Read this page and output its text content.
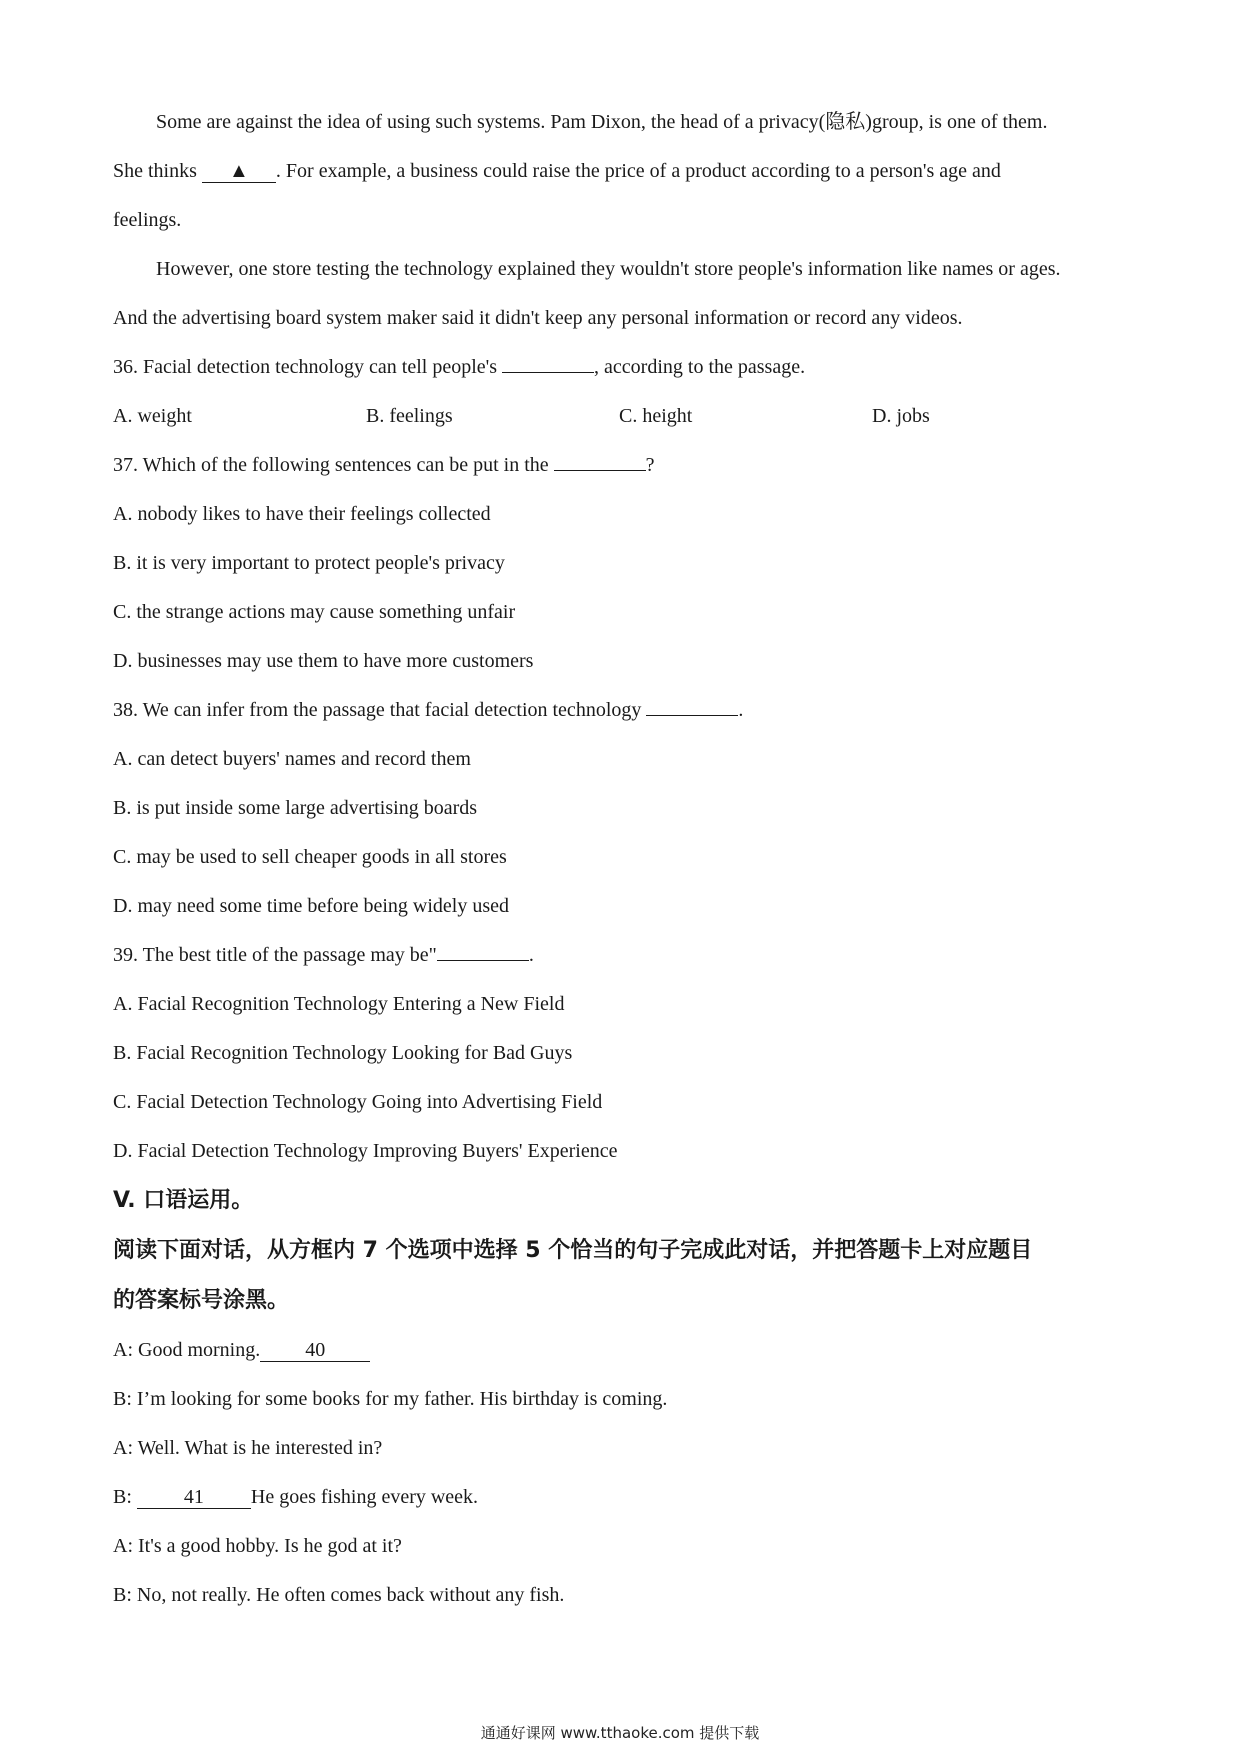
Some are against the idea of using such systems. Pam Dixon, the head of a privacy(隐私)group, is one of them.
She thinks ▲ . For example, a business could raise the price of a product according to a person's age and
feelings.
However, one store testing the technology explained they wouldn't store people's information like names or ages.
And the advertising board system maker said it didn't keep any personal information or record any videos.
36. Facial detection technology can tell people's	, according to the passage.
A. weight	B. feelings	C. height	D. jobs
37. Which of the following sentences can be put in the	?
A. nobody likes to have their feelings collected
B. it is very important to protect people's privacy
C. the strange actions may cause something unfair
D. businesses may use them to have more customers
38. We can infer from the passage that facial detection technology	.
A. can detect buyers' names and record them
B. is put inside some large advertising boards
C. may be used to sell cheaper goods in all stores
D. may need some time before being widely used
39. The best title of the passage may be"	.
A. Facial Recognition Technology Entering a New Field
B. Facial Recognition Technology Looking for Bad Guys
C. Facial Detection Technology Going into Advertising Field
D. Facial Detection Technology Improving Buyers' Experience
V. 口语运用。
阅读下面对话，从方框内 7 个选项中选择 5 个恰当的句子完成此对话，并把答题卡上对应题目
的答案标号涂黑。
A: Good morning. 40
B: I’m looking for some books for my father. His birthday is coming.
A: Well. What is he interested in?
B: 41 He goes fishing every week.
A: It's a good hobby. Is he god at it?
B: No, not really. He often comes back without any fish.
通通好课网 www.tthaoke.com 提供下载
